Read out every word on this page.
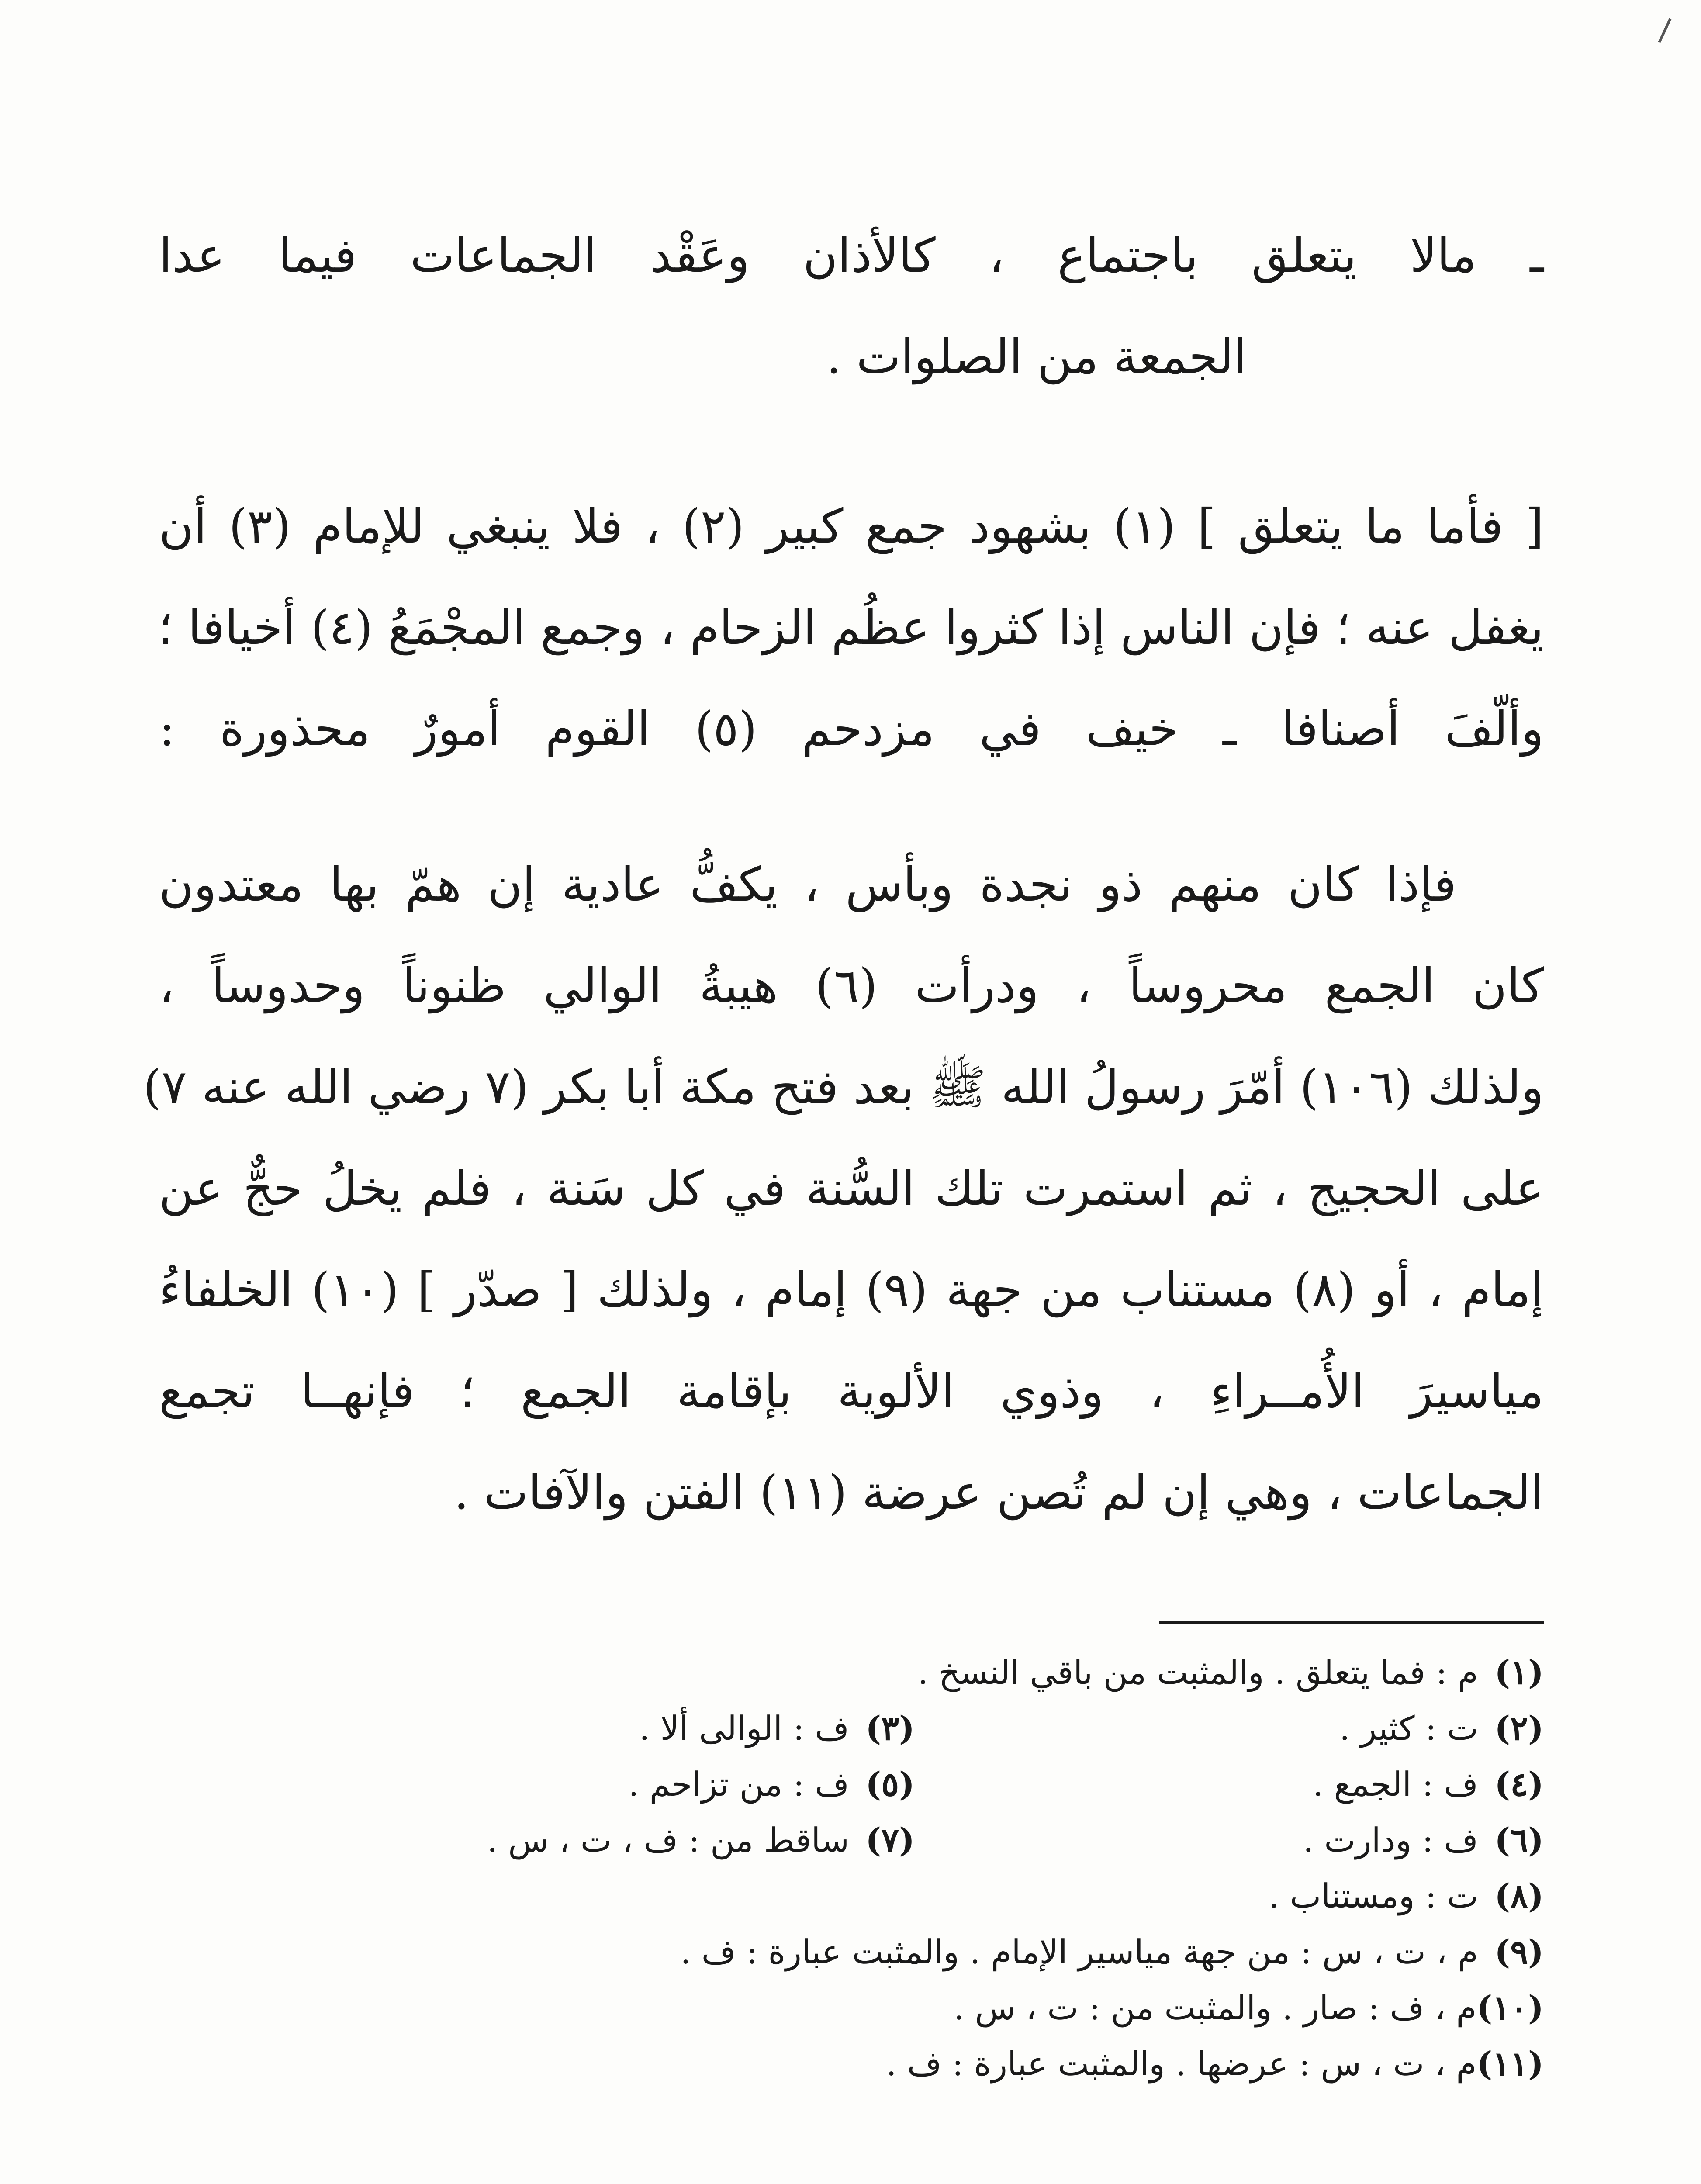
ـ مالا يتعلق باجتماع ، كالأذان وعَقْد الجماعات فيما عدا
الجمعة من الصلوات .
[ فأما ما يتعلق ] (١) بشهود جمع كبير (٢) ، فلا ينبغي للإمام (٣) أن
يغفل عنه ؛ فإن الناس إذا كثروا عظُم الزحام ، وجمع المجْمَعُ (٤) أخيافا ؛
وألّفَ أصنافا ـ خيف في مزدحم (٥) القوم أمورٌ محذورة :
فإذا كان منهم ذو نجدة وبأس ، يكفُّ عادية إن همّ بها معتدون
كان الجمع محروساً ، ودرأت (٦) هيبةُ الوالي ظنوناً وحدوساً ،
ولذلك (١٠٦) أمّرَ رسولُ الله ﷺ بعد فتح مكة أبا بكر (٧ رضي الله عنه ٧)
على الحجيج ، ثم استمرت تلك السُّنة في كل سَنة ، فلم يخلُ حجٌّ عن
إمام ، أو (٨) مستناب من جهة (٩) إمام ، ولذلك [ صدّر ] (١٠) الخلفاءُ
مياسيرَ الأُمــراءِ ، وذوي الألوية بإقامة الجمع ؛ فإنهــا تجمع
الجماعات ، وهي إن لم تُصن عرضة (١١) الفتن والآفات .
(١)
م : فما يتعلق . والمثبت من باقي النسخ .
(٢)
ت : كثير .
(٣)
ف : الوالى ألا .
(٤)
ف : الجمع .
(٥)
ف : من تزاحم .
(٦)
ف : ودارت .
(٧)
ساقط من : ف ، ت ، س .
(٨)
ت : ومستناب .
(٩)
م ، ت ، س : من جهة مياسير الإمام . والمثبت عبارة : ف .
(١٠)
م ، ف : صار . والمثبت من : ت ، س .
(١١)
م ، ت ، س : عرضها . والمثبت عبارة : ف .
